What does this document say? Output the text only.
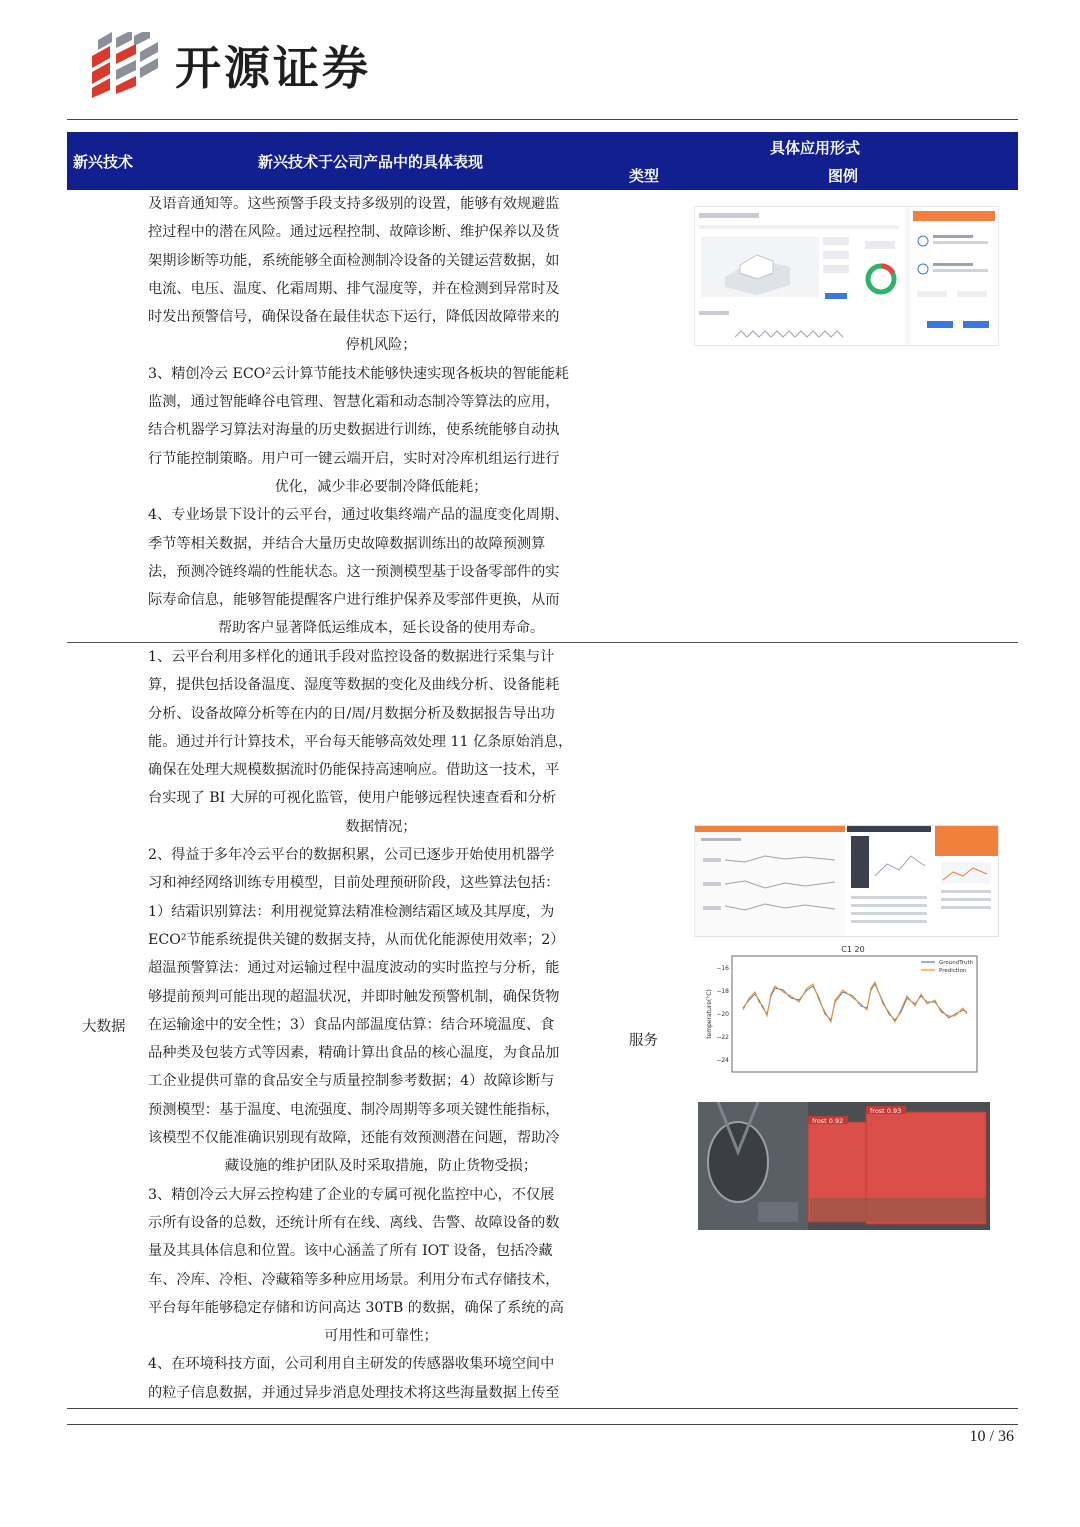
开源证券
新兴技术	新兴技术于公司产品中的具体表现
具体应用形式
类型	图例

及语音通知等。这些预警手段支持多级别的设置，能够有效规避监

控过程中的潜在风险。通过远程控制、故障诊断、维护保养以及货

架期诊断等功能，系统能够全面检测制冷设备的关键运营数据，如

电流、电压、温度、化霜周期、排气湿度等，并在检测到异常时及

时发出预警信号，确保设备在最佳状态下运行，降低因故障带来的

停机风险；

3、精创冷云 ECO²云计算节能技术能够快速实现各板块的智能能耗

监测，通过智能峰谷电管理、智慧化霜和动态制冷等算法的应用，

结合机器学习算法对海量的历史数据进行训练，使系统能够自动执

行节能控制策略。用户可一键云端开启，实时对冷库机组运行进行

优化，减少非必要制冷降低能耗；

4、专业场景下设计的云平台，通过收集终端产品的温度变化周期、

季节等相关数据，并结合大量历史故障数据训练出的故障预测算

法，预测冷链终端的性能状态。这一预测模型基于设备零部件的实

际寿命信息，能够智能提醒客户进行维护保养及零部件更换，从而

帮助客户显著降低运维成本，延长设备的使用寿命。

大数据
服务

1、云平台利用多样化的通讯手段对监控设备的数据进行采集与计

算，提供包括设备温度、湿度等数据的变化及曲线分析、设备能耗

分析、设备故障分析等在内的日/周/月数据分析及数据报告导出功

能。通过并行计算技术，平台每天能够高效处理 11 亿条原始消息，

确保在处理大规模数据流时仍能保持高速响应。借助这一技术，平

台实现了 BI 大屏的可视化监管，使用户能够远程快速查看和分析

数据情况；

2、得益于多年冷云平台的数据积累，公司已逐步开始使用机器学

习和神经网络训练专用模型，目前处理预研阶段，这些算法包括：

1）结霜识别算法：利用视觉算法精准检测结霜区域及其厚度，为

ECO²节能系统提供关键的数据支持，从而优化能源使用效率；2）

超温预警算法：通过对运输过程中温度波动的实时监控与分析，能

够提前预判可能出现的超温状况，并即时触发预警机制，确保货物

在运输途中的安全性；3）食品内部温度估算：结合环境温度、食

品种类及包装方式等因素，精确计算出食品的核心温度，为食品加

工企业提供可靠的食品安全与质量控制参考数据；4）故障诊断与

预测模型：基于温度、电流强度、制冷周期等多项关键性能指标，

该模型不仅能准确识别现有故障，还能有效预测潜在问题，帮助冷

藏设施的维护团队及时采取措施，防止货物受损；

3、精创冷云大屏云控构建了企业的专属可视化监控中心，不仅展

示所有设备的总数，还统计所有在线、离线、告警、故障设备的数

量及其具体信息和位置。该中心涵盖了所有 IOT 设备，包括冷藏

车、冷库、冷柜、冷藏箱等多种应用场景。利用分布式存储技术，

平台每年能够稳定存储和访问高达 30TB 的数据，确保了系统的高

可用性和可靠性；

4、在环境科技方面，公司利用自主研发的传感器收集环境空间中

的粒子信息数据，并通过异步消息处理技术将这些海量数据上传至

C1 20
temperature(°C)
−16
−18
−20
−22
−24
GroundTruth
Prediction
frost 0.92
frost 0.93
10 / 36
